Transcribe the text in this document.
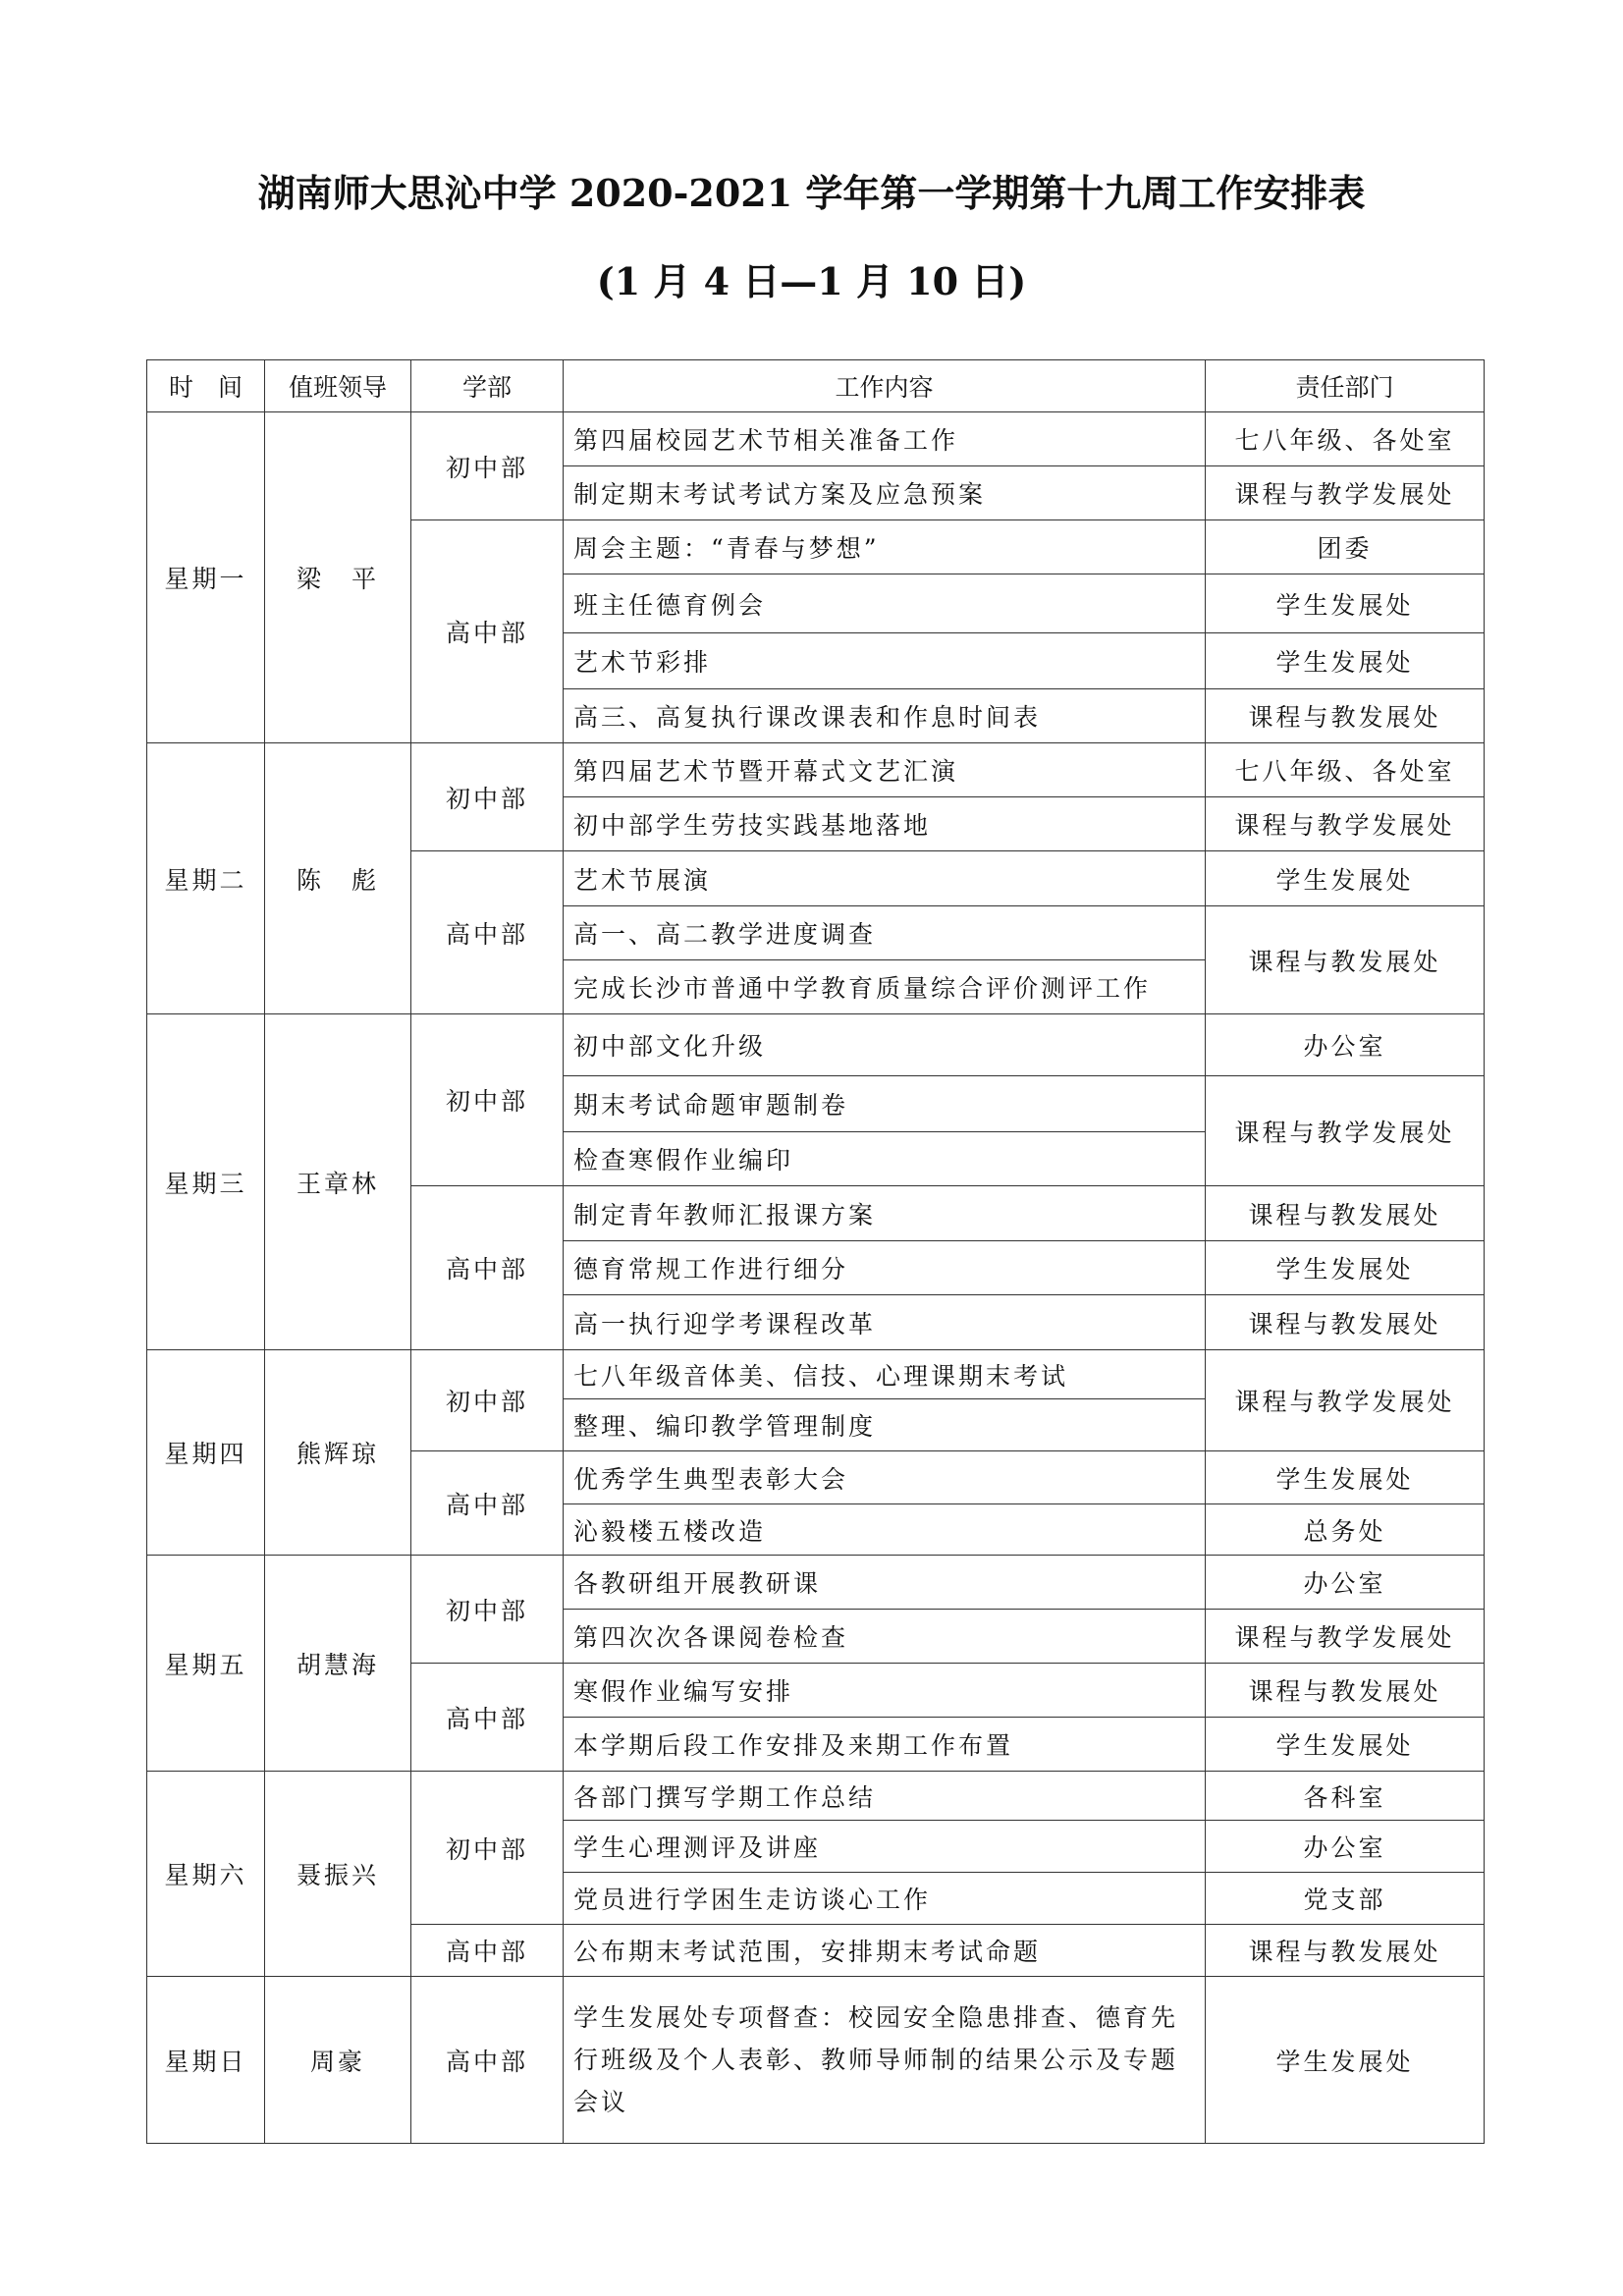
湖南师大思沁中学 2020-2021 学年第一学期第十九周工作安排表
(1 月 4 日—1 月 10 日)
时　间	值班领导	学部	工作内容	责任部门
星期一	梁　平	初中部	第四届校园艺术节相关准备工作	七八年级、各处室
			制定期末考试考试方案及应急预案	课程与教学发展处
		高中部	周会主题：“青春与梦想”	团委
			班主任德育例会	学生发展处
			艺术节彩排	学生发展处
			高三、高复执行课改课表和作息时间表	课程与教发展处
星期二	陈　彪	初中部	第四届艺术节暨开幕式文艺汇演	七八年级、各处室
			初中部学生劳技实践基地落地	课程与教学发展处
		高中部	艺术节展演	学生发展处
			高一、高二教学进度调查	课程与教发展处
			完成长沙市普通中学教育质量综合评价测评工作	
星期三	王章林	初中部	初中部文化升级	办公室
			期末考试命题审题制卷	课程与教学发展处
			检查寒假作业编印	
		高中部	制定青年教师汇报课方案	课程与教发展处
			德育常规工作进行细分	学生发展处
			高一执行迎学考课程改革	课程与教发展处
星期四	熊辉琼	初中部	七八年级音体美、信技、心理课期末考试	课程与教学发展处
			整理、编印教学管理制度	
		高中部	优秀学生典型表彰大会	学生发展处
			沁毅楼五楼改造	总务处
星期五	胡慧海	初中部	各教研组开展教研课	办公室
			第四次次各课阅卷检查	课程与教学发展处
		高中部	寒假作业编写安排	课程与教发展处
			本学期后段工作安排及来期工作布置	学生发展处
星期六	聂振兴	初中部	各部门撰写学期工作总结	各科室
			学生心理测评及讲座	办公室
			党员进行学困生走访谈心工作	党支部
		高中部	公布期末考试范围，安排期末考试命题	课程与教发展处
星期日	周豪	高中部	学生发展处专项督查：校园安全隐患排查、德育先行班级及个人表彰、教师导师制的结果公示及专题会议	学生发展处
